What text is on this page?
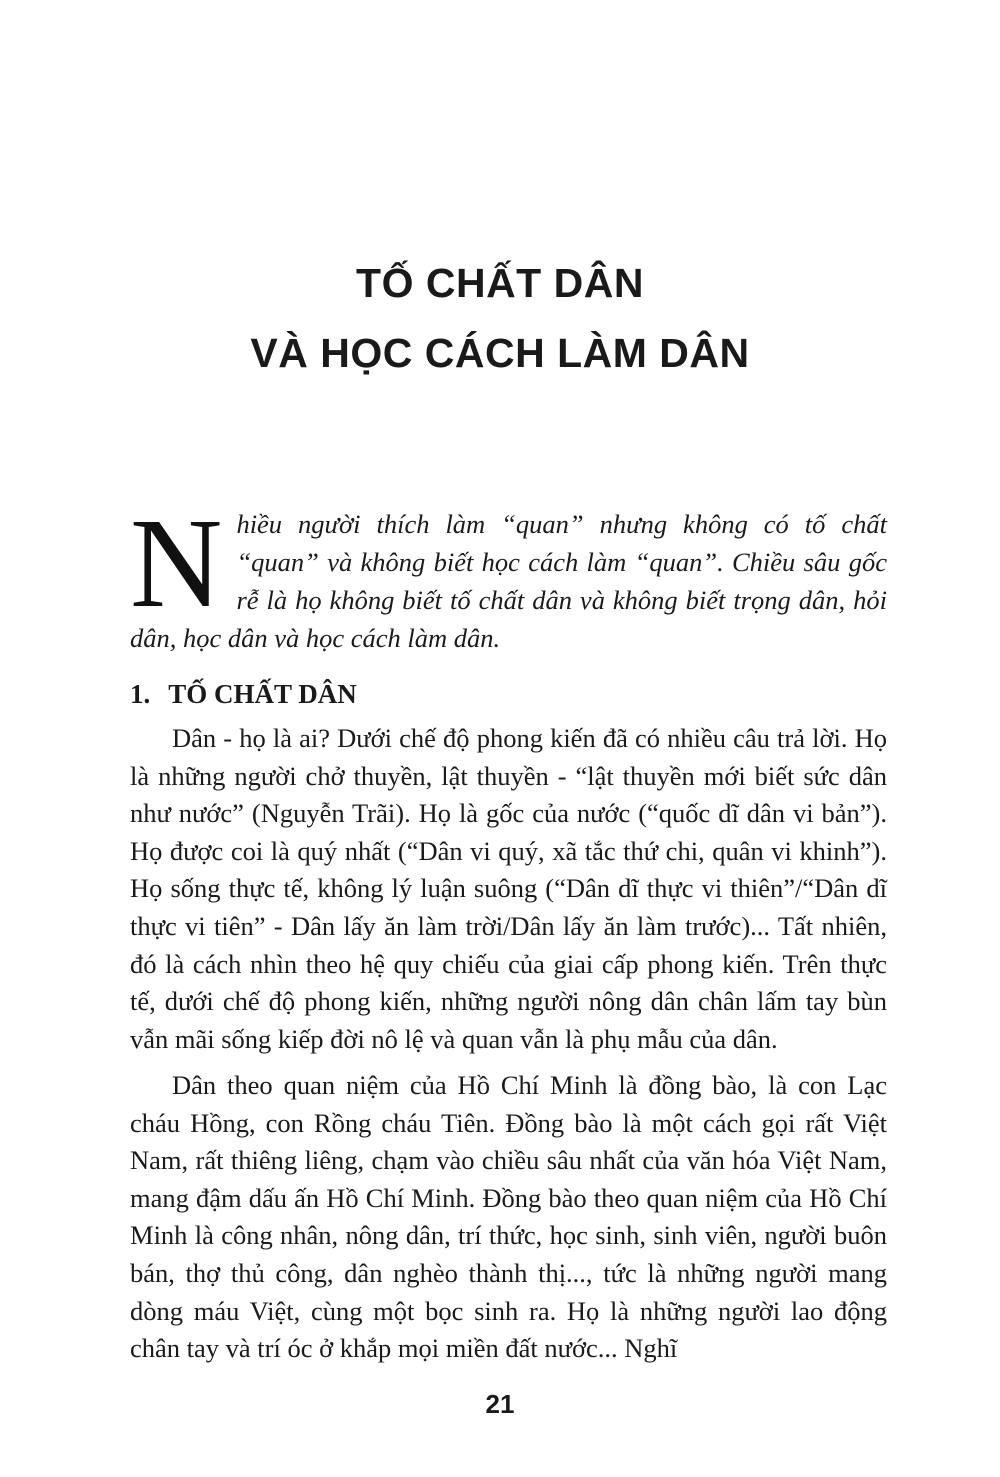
TỐ CHẤT DÂN
VÀ HỌC CÁCH LÀM DÂN
N hiều người thích làm “quan” nhưng không có tố chất “quan” và không biết học cách làm “quan”. Chiều sâu gốc rễ là họ không biết tố chất dân và không biết trọng dân, hỏi dân, học dân và học cách làm dân.
1. TỐ CHẤT DÂN

Dân - họ là ai? Dưới chế độ phong kiến đã có nhiều câu trả lời. Họ là những người chở thuyền, lật thuyền - “lật thuyền mới biết sức dân như nước” (Nguyễn Trãi). Họ là gốc của nước (“quốc dĩ dân vi bản”). Họ được coi là quý nhất (“Dân vi quý, xã tắc thứ chi, quân vi khinh”). Họ sống thực tế, không lý luận suông (“Dân dĩ thực vi thiên”/“Dân dĩ thực vi tiên” - Dân lấy ăn làm trời/Dân lấy ăn làm trước)... Tất nhiên, đó là cách nhìn theo hệ quy chiếu của giai cấp phong kiến. Trên thực tế, dưới chế độ phong kiến, những người nông dân chân lấm tay bùn vẫn mãi sống kiếp đời nô lệ và quan vẫn là phụ mẫu của dân.

Dân theo quan niệm của Hồ Chí Minh là đồng bào, là con Lạc cháu Hồng, con Rồng cháu Tiên. Đồng bào là một cách gọi rất Việt Nam, rất thiêng liêng, chạm vào chiều sâu nhất của văn hóa Việt Nam, mang đậm dấu ấn Hồ Chí Minh. Đồng bào theo quan niệm của Hồ Chí Minh là công nhân, nông dân, trí thức, học sinh, sinh viên, người buôn bán, thợ thủ công, dân nghèo thành thị..., tức là những người mang dòng máu Việt, cùng một bọc sinh ra. Họ là những người lao động chân tay và trí óc ở khắp mọi miền đất nước... Nghĩ

21
